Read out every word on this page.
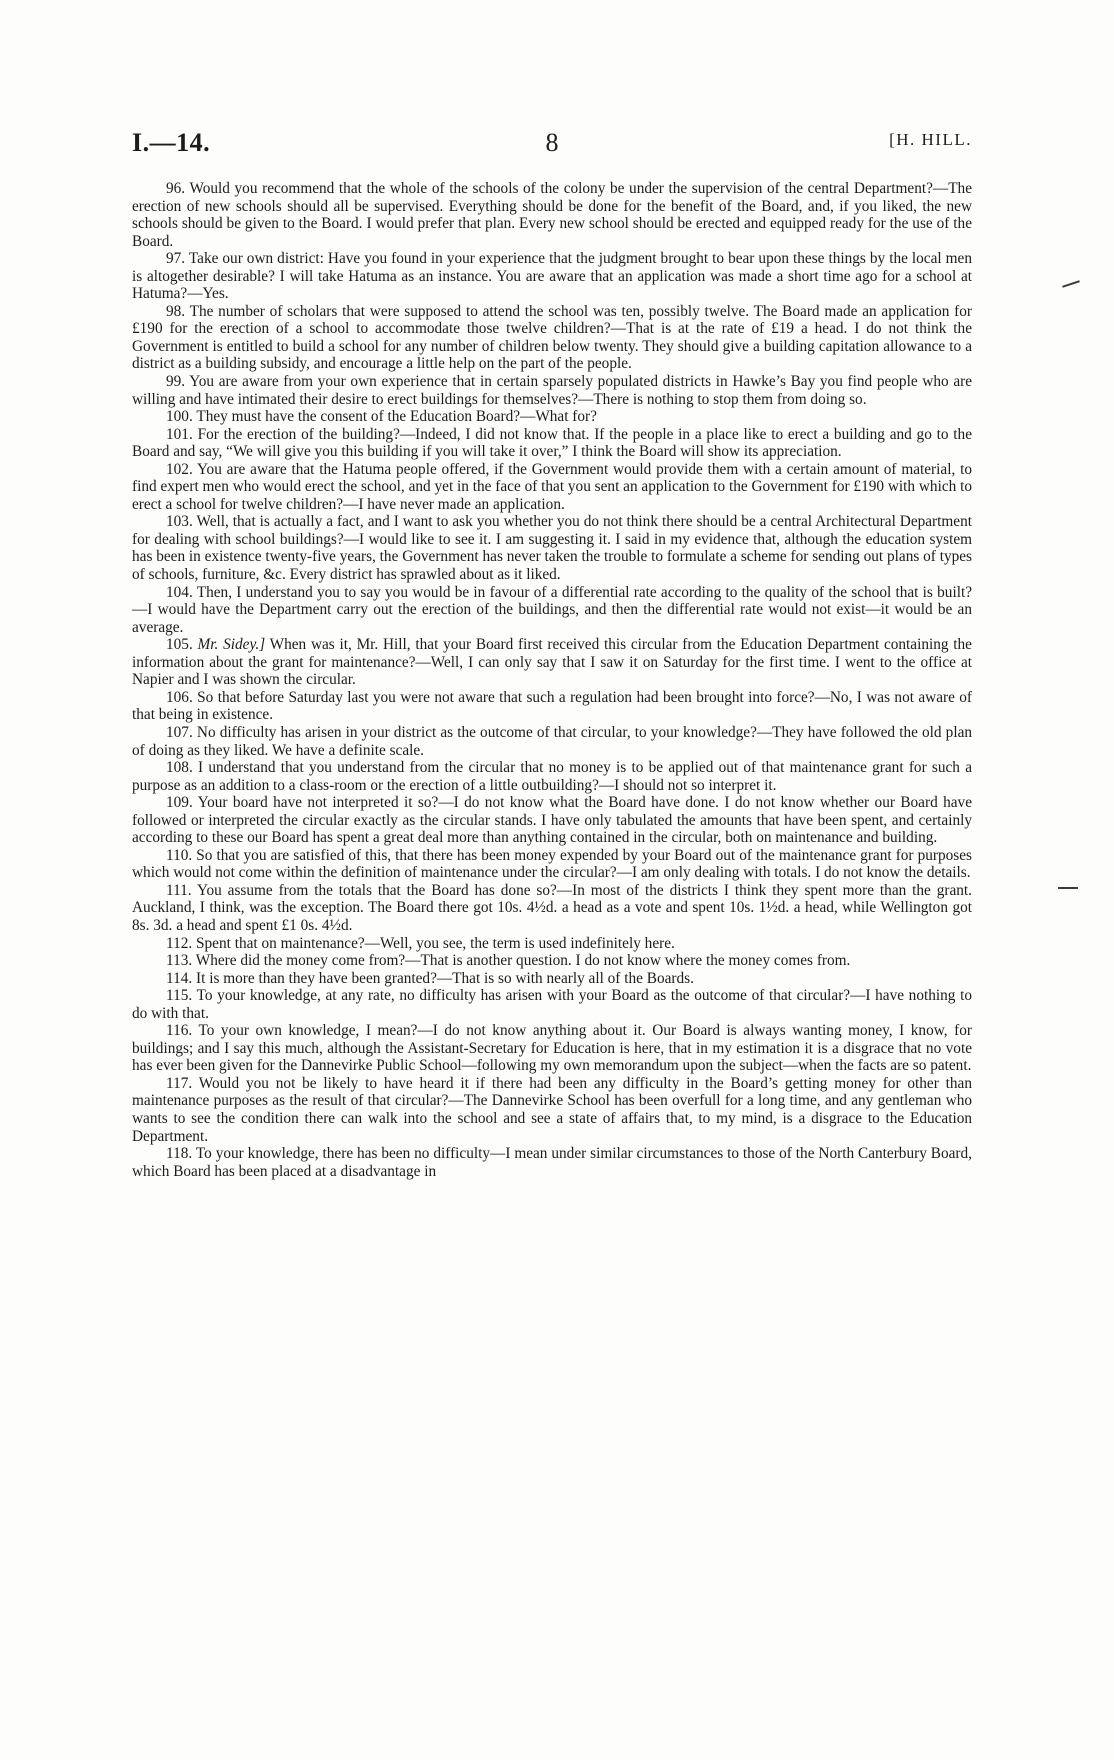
I.—14.	8	[H. HILL.

96. Would you recommend that the whole of the schools of the colony be under the supervision of the central Department?—The erection of new schools should all be supervised. Everything should be done for the benefit of the Board, and, if you liked, the new schools should be given to the Board. I would prefer that plan. Every new school should be erected and equipped ready for the use of the Board.

97. Take our own district: Have you found in your experience that the judgment brought to bear upon these things by the local men is altogether desirable? I will take Hatuma as an instance. You are aware that an application was made a short time ago for a school at Hatuma?—Yes.

98. The number of scholars that were supposed to attend the school was ten, possibly twelve. The Board made an application for £190 for the erection of a school to accommodate those twelve children?—That is at the rate of £19 a head. I do not think the Government is entitled to build a school for any number of children below twenty. They should give a building capitation allowance to a district as a building subsidy, and encourage a little help on the part of the people.

99. You are aware from your own experience that in certain sparsely populated districts in Hawke’s Bay you find people who are willing and have intimated their desire to erect buildings for themselves?—There is nothing to stop them from doing so.

100. They must have the consent of the Education Board?—What for?

101. For the erection of the building?—Indeed, I did not know that. If the people in a place like to erect a building and go to the Board and say, “We will give you this building if you will take it over,” I think the Board will show its appreciation.

102. You are aware that the Hatuma people offered, if the Government would provide them with a certain amount of material, to find expert men who would erect the school, and yet in the face of that you sent an application to the Government for £190 with which to erect a school for twelve children?—I have never made an application.

103. Well, that is actually a fact, and I want to ask you whether you do not think there should be a central Architectural Department for dealing with school buildings?—I would like to see it. I am suggesting it. I said in my evidence that, although the education system has been in existence twenty-five years, the Government has never taken the trouble to formulate a scheme for sending out plans of types of schools, furniture, &c. Every district has sprawled about as it liked.

104. Then, I understand you to say you would be in favour of a differential rate according to the quality of the school that is built?—I would have the Department carry out the erection of the buildings, and then the differential rate would not exist—it would be an average.

105. Mr. Sidey.] When was it, Mr. Hill, that your Board first received this circular from the Education Department containing the information about the grant for maintenance?—Well, I can only say that I saw it on Saturday for the first time. I went to the office at Napier and I was shown the circular.

106. So that before Saturday last you were not aware that such a regulation had been brought into force?—No, I was not aware of that being in existence.

107. No difficulty has arisen in your district as the outcome of that circular, to your knowledge?—They have followed the old plan of doing as they liked. We have a definite scale.

108. I understand that you understand from the circular that no money is to be applied out of that maintenance grant for such a purpose as an addition to a class-room or the erection of a little outbuilding?—I should not so interpret it.

109. Your board have not interpreted it so?—I do not know what the Board have done. I do not know whether our Board have followed or interpreted the circular exactly as the circular stands. I have only tabulated the amounts that have been spent, and certainly according to these our Board has spent a great deal more than anything contained in the circular, both on maintenance and building.

110. So that you are satisfied of this, that there has been money expended by your Board out of the maintenance grant for purposes which would not come within the definition of maintenance under the circular?—I am only dealing with totals. I do not know the details.

111. You assume from the totals that the Board has done so?—In most of the districts I think they spent more than the grant. Auckland, I think, was the exception. The Board there got 10s. 4½d. a head as a vote and spent 10s. 1½d. a head, while Wellington got 8s. 3d. a head and spent £1 0s. 4½d.

112. Spent that on maintenance?—Well, you see, the term is used indefinitely here.

113. Where did the money come from?—That is another question. I do not know where the money comes from.

114. It is more than they have been granted?—That is so with nearly all of the Boards.

115. To your knowledge, at any rate, no difficulty has arisen with your Board as the outcome of that circular?—I have nothing to do with that.

116. To your own knowledge, I mean?—I do not know anything about it. Our Board is always wanting money, I know, for buildings; and I say this much, although the Assistant-Secretary for Education is here, that in my estimation it is a disgrace that no vote has ever been given for the Dannevirke Public School—following my own memorandum upon the subject—when the facts are so patent.

117. Would you not be likely to have heard it if there had been any difficulty in the Board’s getting money for other than maintenance purposes as the result of that circular?—The Dannevirke School has been overfull for a long time, and any gentleman who wants to see the condition there can walk into the school and see a state of affairs that, to my mind, is a disgrace to the Education Department.

118. To your knowledge, there has been no difficulty—I mean under similar circumstances to those of the North Canterbury Board, which Board has been placed at a disadvantage in
